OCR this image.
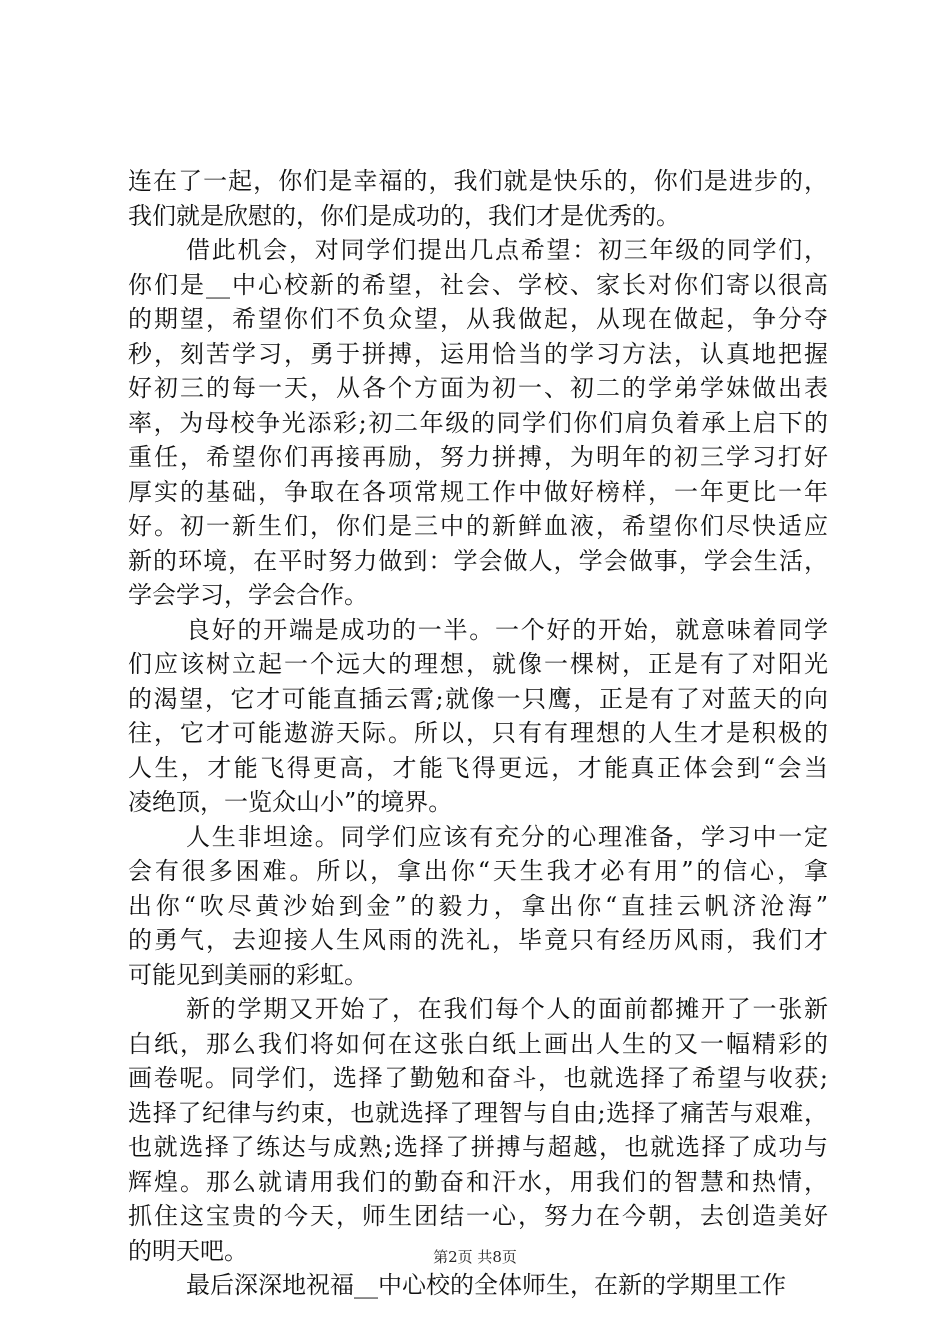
连在了一起，你们是幸福的，我们就是快乐的，你们是进步的，
我们就是欣慰的，你们是成功的，我们才是优秀的。
借此机会，对同学们提出几点希望：初三年级的同学们，
你们是__中心校新的希望，社会、学校、家长对你们寄以很高
的期望，希望你们不负众望，从我做起，从现在做起，争分夺
秒，刻苦学习，勇于拼搏，运用恰当的学习方法，认真地把握
好初三的每一天，从各个方面为初一、初二的学弟学妹做出表
率，为母校争光添彩;初二年级的同学们你们肩负着承上启下的
重任，希望你们再接再励，努力拼搏，为明年的初三学习打好
厚实的基础，争取在各项常规工作中做好榜样，一年更比一年
好。初一新生们，你们是三中的新鲜血液，希望你们尽快适应
新的环境，在平时努力做到：学会做人，学会做事，学会生活，
学会学习，学会合作。
良好的开端是成功的一半。一个好的开始，就意味着同学
们应该树立起一个远大的理想，就像一棵树，正是有了对阳光
的渴望，它才可能直插云霄;就像一只鹰，正是有了对蓝天的向
往，它才可能遨游天际。所以，只有有理想的人生才是积极的
人生，才能飞得更高，才能飞得更远，才能真正体会到“会当
凌绝顶，一览众山小”的境界。
人生非坦途。同学们应该有充分的心理准备，学习中一定
会有很多困难。所以，拿出你“天生我才必有用”的信心，拿
出你“吹尽黄沙始到金”的毅力，拿出你“直挂云帆济沧海”
的勇气，去迎接人生风雨的洗礼，毕竟只有经历风雨，我们才
可能见到美丽的彩虹。
新的学期又开始了，在我们每个人的面前都摊开了一张新
白纸，那么我们将如何在这张白纸上画出人生的又一幅精彩的
画卷呢。同学们，选择了勤勉和奋斗，也就选择了希望与收获;
选择了纪律与约束，也就选择了理智与自由;选择了痛苦与艰难，
也就选择了练达与成熟;选择了拼搏与超越，也就选择了成功与
辉煌。那么就请用我们的勤奋和汗水，用我们的智慧和热情，
抓住这宝贵的今天，师生团结一心，努力在今朝，去创造美好
的明天吧。
最后深深地祝福__中心校的全体师生，在新的学期里工作
第2页 共8页
